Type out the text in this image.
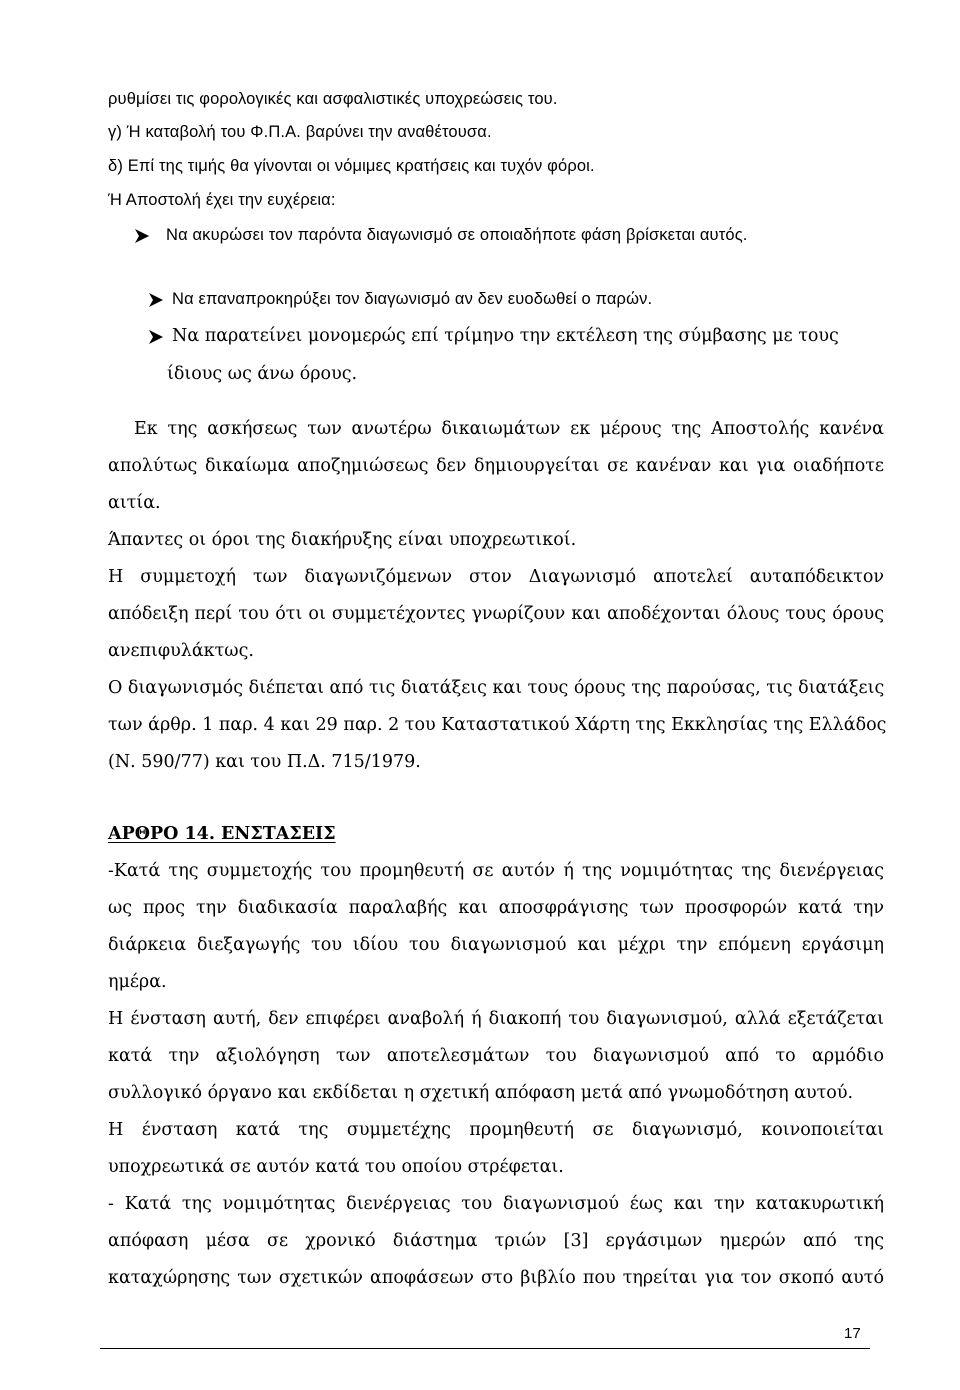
ρυθμίσει τις φορολογικές και ασφαλιστικές υποχρεώσεις του.

γ) Ή καταβολή του Φ.Π.Α. βαρύνει την αναθέτουσα.

δ) Επί της τιμής θα γίνονται οι νόμιμες κρατήσεις και τυχόν φόροι.

Ή Αποστολή έχει την ευχέρεια:

Να ακυρώσει τον παρόντα διαγωνισμό σε οποιαδήποτε φάση βρίσκεται αυτός.

Να επαναπροκηρύξει τον διαγωνισμό αν δεν ευοδωθεί ο παρών.

Να παρατείνει μονομερώς επί τρίμηνο την εκτέλεση της σύμβασης με τους

ίδιους ως άνω όρους.

Εκ της ασκήσεως των ανωτέρω δικαιωμάτων εκ μέρους της Αποστολής κανένα

απολύτως δικαίωμα αποζημιώσεως δεν δημιουργείται σε κανέναν και για οιαδήποτε

αιτία.

Άπαντες οι όροι της διακήρυξης είναι υποχρεωτικοί.

Η συμμετοχή των διαγωνιζόμενων στον Διαγωνισμό αποτελεί αυταπόδεικτον

απόδειξη περί του ότι οι συμμετέχοντες γνωρίζουν και αποδέχονται όλους τους όρους

ανεπιφυλάκτως.

Ο διαγωνισμός διέπεται από τις διατάξεις και τους όρους της παρούσας, τις διατάξεις

των άρθρ. 1 παρ. 4 και 29 παρ. 2 του Καταστατικού Χάρτη της Εκκλησίας της Ελλάδος

(Ν. 590/77) και του Π.Δ. 715/1979.

ΑΡΘΡΟ 14. ΕΝΣΤΑΣΕΙΣ

-Κατά της συμμετοχής του προμηθευτή σε αυτόν ή της νομιμότητας της διενέργειας

ως προς την διαδικασία παραλαβής και αποσφράγισης των προσφορών κατά την

διάρκεια διεξαγωγής του ιδίου του διαγωνισμού και μέχρι την επόμενη εργάσιμη

ημέρα.

Η ένσταση αυτή, δεν επιφέρει αναβολή ή διακοπή του διαγωνισμού, αλλά εξετάζεται

κατά την αξιολόγηση των αποτελεσμάτων του διαγωνισμού από το αρμόδιο

συλλογικό όργανο και εκδίδεται η σχετική απόφαση μετά από γνωμοδότηση αυτού.

Η ένσταση κατά της συμμετέχης προμηθευτή σε διαγωνισμό, κοινοποιείται

υποχρεωτικά σε αυτόν κατά του οποίου στρέφεται.

- Κατά της νομιμότητας διενέργειας του διαγωνισμού έως και την κατακυρωτική

απόφαση μέσα σε χρονικό διάστημα τριών [3] εργάσιμων ημερών από της

καταχώρησης των σχετικών αποφάσεων στο βιβλίο που τηρείται για τον σκοπό αυτό

17
